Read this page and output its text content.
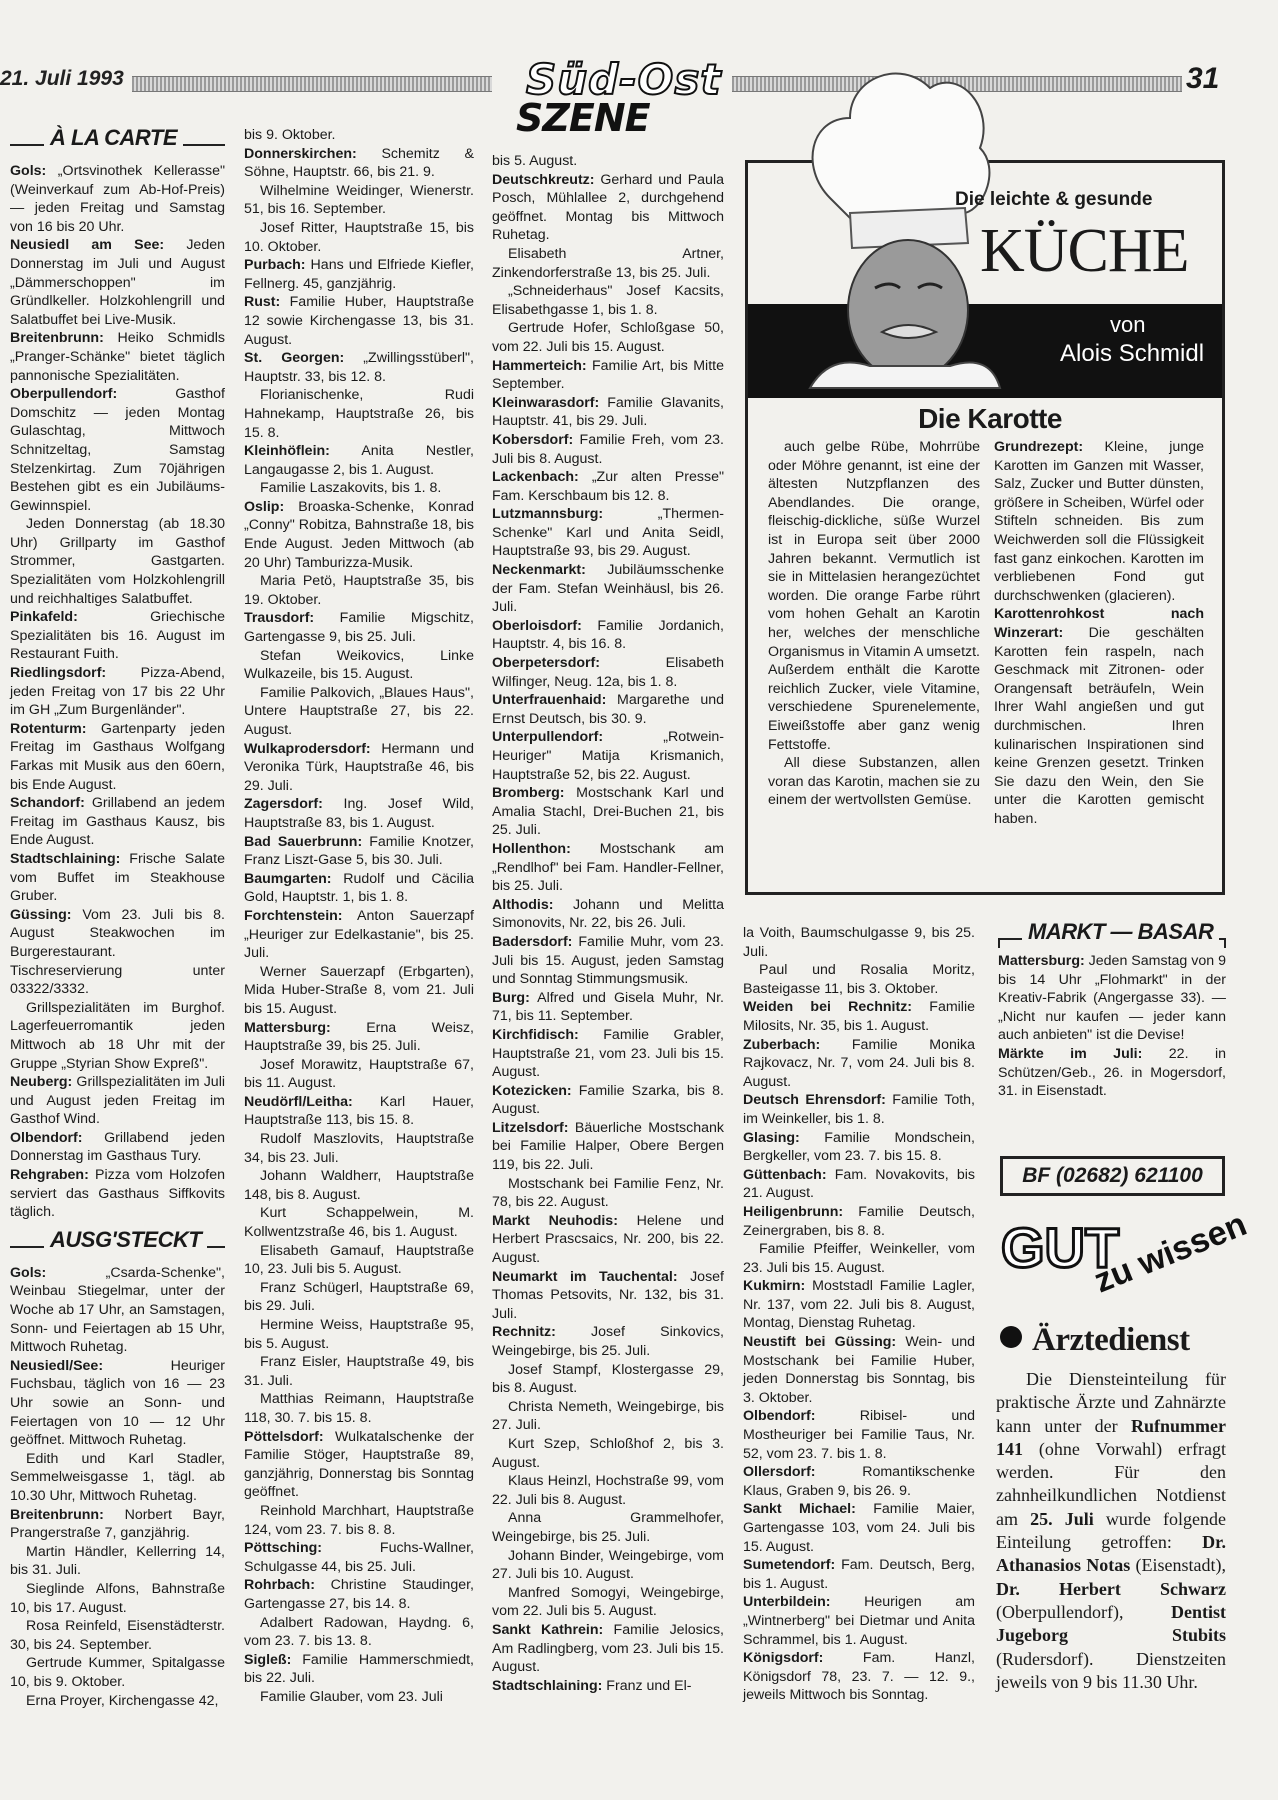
21. Juli 1993	Süd-Ost
SZENE
31
À LA CARTE

Gols: „Ortsvinothek Kellerasse" (Weinverkauf zum Ab-Hof-Preis) — jeden Freitag und Samstag von 16 bis 20 Uhr.

Neusiedl am See: Jeden Donnerstag im Juli und August „Dämmerschoppen" im Gründlkeller. Holzkohlengrill und Salatbuffet bei Live-Musik.

Breitenbrunn: Heiko Schmidls „Pranger-Schänke" bietet täglich pannonische Spezialitäten.

Oberpullendorf: Gasthof Domschitz — jeden Montag Gulaschtag, Mittwoch Schnitzeltag, Samstag Stelzenkirtag. Zum 70jährigen Bestehen gibt es ein Jubiläums-Gewinnspiel.

Jeden Donnerstag (ab 18.30 Uhr) Grillparty im Gasthof Strommer, Gastgarten. Spezialitäten vom Holzkohlengrill und reichhaltiges Salatbuffet.

Pinkafeld: Griechische Spezialitäten bis 16. August im Restaurant Fuith.

Riedlingsdorf: Pizza-Abend, jeden Freitag von 17 bis 22 Uhr im GH „Zum Burgenländer".

Rotenturm: Gartenparty jeden Freitag im Gasthaus Wolfgang Farkas mit Musik aus den 60ern, bis Ende August.

Schandorf: Grillabend an jedem Freitag im Gasthaus Kausz, bis Ende August.

Stadtschlaining: Frische Salate vom Buffet im Steakhouse Gruber.

Güssing: Vom 23. Juli bis 8. August Steakwochen im Burgerestaurant. Tischreservierung unter 03322/3332.

Grillspezialitäten im Burghof. Lagerfeuerromantik jeden Mittwoch ab 18 Uhr mit der Gruppe „Styrian Show Expreß".

Neuberg: Grillspezialitäten im Juli und August jeden Freitag im Gasthof Wind.

Olbendorf: Grillabend jeden Donnerstag im Gasthaus Tury.

Rehgraben: Pizza vom Holzofen serviert das Gasthaus Siffkovits täglich.

AUSG'STECKT

Gols: „Csarda-Schenke", Weinbau Stiegelmar, unter der Woche ab 17 Uhr, an Samstagen, Sonn- und Feiertagen ab 15 Uhr, Mittwoch Ruhetag.

Neusiedl/See: Heuriger Fuchsbau, täglich von 16 — 23 Uhr sowie an Sonn- und Feiertagen von 10 — 12 Uhr geöffnet. Mittwoch Ruhetag.

Edith und Karl Stadler, Semmelweisgasse 1, tägl. ab 10.30 Uhr, Mittwoch Ruhetag.

Breitenbrunn: Norbert Bayr, Prangerstraße 7, ganzjährig.

Martin Händler, Kellerring 14, bis 31. Juli.

Sieglinde Alfons, Bahnstraße 10, bis 17. August.

Rosa Reinfeld, Eisenstädterstr. 30, bis 24. September.

Gertrude Kummer, Spitalgasse 10, bis 9. Oktober.

Erna Proyer, Kirchengasse 42,

bis 9. Oktober.

Donnerskirchen: Schemitz & Söhne, Hauptstr. 66, bis 21. 9.

Wilhelmine Weidinger, Wienerstr. 51, bis 16. September.

Josef Ritter, Hauptstraße 15, bis 10. Oktober.

Purbach: Hans und Elfriede Kiefler, Fellnerg. 45, ganzjährig.

Rust: Familie Huber, Hauptstraße 12 sowie Kirchengasse 13, bis 31. August.

St. Georgen: „Zwillingsstüberl", Hauptstr. 33, bis 12. 8.

Florianischenke, Rudi Hahnekamp, Hauptstraße 26, bis 15. 8.

Kleinhöflein: Anita Nestler, Langaugasse 2, bis 1. August.

Familie Laszakovits, bis 1. 8.

Oslip: Broaska-Schenke, Konrad „Conny" Robitza, Bahnstraße 18, bis Ende August. Jeden Mittwoch (ab 20 Uhr) Tamburizza-Musik.

Maria Petö, Hauptstraße 35, bis 19. Oktober.

Trausdorf: Familie Migschitz, Gartengasse 9, bis 25. Juli.

Stefan Weikovics, Linke Wulkazeile, bis 15. August.

Familie Palkovich, „Blaues Haus", Untere Hauptstraße 27, bis 22. August.

Wulkaprodersdorf: Hermann und Veronika Türk, Hauptstraße 46, bis 29. Juli.

Zagersdorf: Ing. Josef Wild, Hauptstraße 83, bis 1. August.

Bad Sauerbrunn: Familie Knotzer, Franz Liszt-Gase 5, bis 30. Juli.

Baumgarten: Rudolf und Cäcilia Gold, Hauptstr. 1, bis 1. 8.

Forchtenstein: Anton Sauerzapf „Heuriger zur Edelkastanie", bis 25. Juli.

Werner Sauerzapf (Erbgarten), Mida Huber-Straße 8, vom 21. Juli bis 15. August.

Mattersburg: Erna Weisz, Hauptstraße 39, bis 25. Juli.

Josef Morawitz, Hauptstraße 67, bis 11. August.

Neudörfl/Leitha: Karl Hauer, Hauptstraße 113, bis 15. 8.

Rudolf Maszlovits, Hauptstraße 34, bis 23. Juli.

Johann Waldherr, Hauptstraße 148, bis 8. August.

Kurt Schappelwein, M. Kollwentzstraße 46, bis 1. August.

Elisabeth Gamauf, Hauptstraße 10, 23. Juli bis 5. August.

Franz Schügerl, Hauptstraße 69, bis 29. Juli.

Hermine Weiss, Hauptstraße 95, bis 5. August.

Franz Eisler, Hauptstraße 49, bis 31. Juli.

Matthias Reimann, Hauptstraße 118, 30. 7. bis 15. 8.

Pöttelsdorf: Wulkatalschenke der Familie Stöger, Hauptstraße 89, ganzjährig, Donnerstag bis Sonntag geöffnet.

Reinhold Marchhart, Hauptstraße 124, vom 23. 7. bis 8. 8.

Pöttsching: Fuchs-Wallner, Schulgasse 44, bis 25. Juli.

Rohrbach: Christine Staudinger, Gartengasse 27, bis 14. 8.

Adalbert Radowan, Haydng. 6, vom 23. 7. bis 13. 8.

Sigleß: Familie Hammerschmiedt, bis 22. Juli.

Familie Glauber, vom 23. Juli

bis 5. August.

Deutschkreutz: Gerhard und Paula Posch, Mühlallee 2, durchgehend geöffnet. Montag bis Mittwoch Ruhetag.

Elisabeth Artner, Zinkendorferstraße 13, bis 25. Juli.

„Schneiderhaus" Josef Kacsits, Elisabethgasse 1, bis 1. 8.

Gertrude Hofer, Schloßgase 50, vom 22. Juli bis 15. August.

Hammerteich: Familie Art, bis Mitte September.

Kleinwarasdorf: Familie Glavanits, Hauptstr. 41, bis 29. Juli.

Kobersdorf: Familie Freh, vom 23. Juli bis 8. August.

Lackenbach: „Zur alten Presse" Fam. Kerschbaum bis 12. 8.

Lutzmannsburg: „Thermen-Schenke" Karl und Anita Seidl, Hauptstraße 93, bis 29. August.

Neckenmarkt: Jubiläumsschenke der Fam. Stefan Weinhäusl, bis 26. Juli.

Oberloisdorf: Familie Jordanich, Hauptstr. 4, bis 16. 8.

Oberpetersdorf: Elisabeth Wilfinger, Neug. 12a, bis 1. 8.

Unterfrauenhaid: Margarethe und Ernst Deutsch, bis 30. 9.

Unterpullendorf: „Rotwein-Heuriger" Matija Krismanich, Hauptstraße 52, bis 22. August.

Bromberg: Mostschank Karl und Amalia Stachl, Drei-Buchen 21, bis 25. Juli.

Hollenthon: Mostschank am „Rendlhof" bei Fam. Handler-Fellner, bis 25. Juli.

Althodis: Johann und Melitta Simonovits, Nr. 22, bis 26. Juli.

Badersdorf: Familie Muhr, vom 23. Juli bis 15. August, jeden Samstag und Sonntag Stimmungsmusik.

Burg: Alfred und Gisela Muhr, Nr. 71, bis 11. September.

Kirchfidisch: Familie Grabler, Hauptstraße 21, vom 23. Juli bis 15. August.

Kotezicken: Familie Szarka, bis 8. August.

Litzelsdorf: Bäuerliche Mostschank bei Familie Halper, Obere Bergen 119, bis 22. Juli.

Mostschank bei Familie Fenz, Nr. 78, bis 22. August.

Markt Neuhodis: Helene und Herbert Prascsaics, Nr. 200, bis 22. August.

Neumarkt im Tauchental: Josef Thomas Petsovits, Nr. 132, bis 31. Juli.

Rechnitz: Josef Sinkovics, Weingebirge, bis 25. Juli.

Josef Stampf, Klostergasse 29, bis 8. August.

Christa Nemeth, Weingebirge, bis 27. Juli.

Kurt Szep, Schloßhof 2, bis 3. August.

Klaus Heinzl, Hochstraße 99, vom 22. Juli bis 8. August.

Anna Grammelhofer, Weingebirge, bis 25. Juli.

Johann Binder, Weingebirge, vom 27. Juli bis 10. August.

Manfred Somogyi, Weingebirge, vom 22. Juli bis 5. August.

Sankt Kathrein: Familie Jelosics, Am Radlingberg, vom 23. Juli bis 15. August.

Stadtschlaining: Franz und El-

la Voith, Baumschulgasse 9, bis 25. Juli.

Paul und Rosalia Moritz, Basteigasse 11, bis 3. Oktober.

Weiden bei Rechnitz: Familie Milosits, Nr. 35, bis 1. August.

Zuberbach: Familie Monika Rajkovacz, Nr. 7, vom 24. Juli bis 8. August.

Deutsch Ehrensdorf: Familie Toth, im Weinkeller, bis 1. 8.

Glasing: Familie Mondschein, Bergkeller, vom 23. 7. bis 15. 8.

Güttenbach: Fam. Novakovits, bis 21. August.

Heiligenbrunn: Familie Deutsch, Zeinergraben, bis 8. 8.

Familie Pfeiffer, Weinkeller, vom 23. Juli bis 15. August.

Kukmirn: Moststadl Familie Lagler, Nr. 137, vom 22. Juli bis 8. August, Montag, Dienstag Ruhetag.

Neustift bei Güssing: Wein- und Mostschank bei Familie Huber, jeden Donnerstag bis Sonntag, bis 3. Oktober.

Olbendorf: Ribisel- und Mostheuriger bei Familie Taus, Nr. 52, vom 23. 7. bis 1. 8.

Ollersdorf: Romantikschenke Klaus, Graben 9, bis 26. 9.

Sankt Michael: Familie Maier, Gartengasse 103, vom 24. Juli bis 15. August.

Sumetendorf: Fam. Deutsch, Berg, bis 1. August.

Unterbildein: Heurigen am „Wintnerberg" bei Dietmar und Anita Schrammel, bis 1. August.

Königsdorf: Fam. Hanzl, Königsdorf 78, 23. 7. — 12. 9., jeweils Mittwoch bis Sonntag.

Die leichte & gesunde
KÜCHE
von
Alois Schmidl
Die Karotte

auch gelbe Rübe, Mohrrübe oder Möhre genannt, ist eine der ältesten Nutzpflanzen des Abendlandes. Die orange, fleischig-dickliche, süße Wurzel ist in Europa seit über 2000 Jahren bekannt. Vermutlich ist sie in Mittelasien herangezüchtet worden. Die orange Farbe rührt vom hohen Gehalt an Karotin her, welches der menschliche Organismus in Vitamin A umsetzt. Außerdem enthält die Karotte reichlich Zucker, viele Vitamine, verschiedene Spurenelemente, Eiweißstoffe aber ganz wenig Fettstoffe.

All diese Substanzen, allen voran das Karotin, machen sie zu einem der wertvollsten Gemüse.

Grundrezept: Kleine, junge Karotten im Ganzen mit Wasser, Salz, Zucker und Butter dünsten, größere in Scheiben, Würfel oder Stifteln schneiden. Bis zum Weichwerden soll die Flüssigkeit fast ganz einkochen. Karotten im verbliebenen Fond gut durchschwenken (glacieren).

Karottenrohkost nach Winzerart: Die geschälten Karotten fein raspeln, nach Geschmack mit Zitronen- oder Orangensaft beträufeln, Wein Ihrer Wahl angießen und gut durchmischen. Ihren kulinarischen Inspirationen sind keine Grenzen gesetzt. Trinken Sie dazu den Wein, den Sie unter die Karotten gemischt haben.

MARKT — BASAR

Mattersburg: Jeden Samstag von 9 bis 14 Uhr „Flohmarkt" in der Kreativ-Fabrik (Angergasse 33). — „Nicht nur kaufen — jeder kann auch anbieten" ist die Devise!

Märkte im Juli: 22. in Schützen/Geb., 26. in Mogersdorf, 31. in Eisenstadt.

BF (02682) 621100
GUT
zu wissen
Ärztedienst

Die Diensteinteilung für praktische Ärzte und Zahnärzte kann unter der Rufnummer 141 (ohne Vorwahl) erfragt werden. Für den zahnheilkundlichen Notdienst am 25. Juli wurde folgende Einteilung getroffen: Dr. Athanasios Notas (Eisenstadt), Dr. Herbert Schwarz (Oberpullendorf), Dentist Jugeborg Stubits (Rudersdorf). Dienstzeiten jeweils von 9 bis 11.30 Uhr.
